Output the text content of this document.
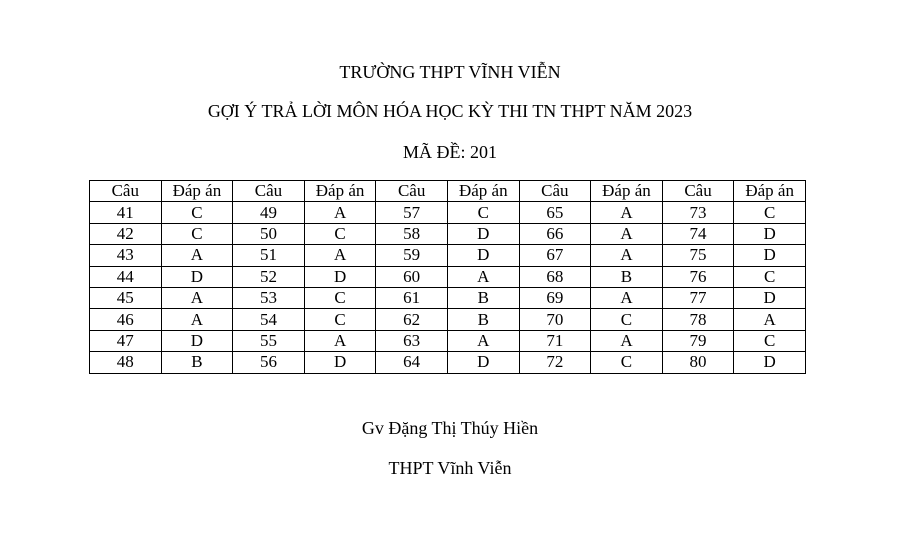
TRƯỜNG THPT VĨNH VIỄN
GỢI Ý TRẢ LỜI MÔN HÓA HỌC KỲ THI TN THPT NĂM 2023
MÃ ĐỀ: 201
Câu	Đáp án	Câu	Đáp án	Câu	Đáp án	Câu	Đáp án	Câu	Đáp án
41	C	49	A	57	C	65	A	73	C
42	C	50	C	58	D	66	A	74	D
43	A	51	A	59	D	67	A	75	D
44	D	52	D	60	A	68	B	76	C
45	A	53	C	61	B	69	A	77	D
46	A	54	C	62	B	70	C	78	A
47	D	55	A	63	A	71	A	79	C
48	B	56	D	64	D	72	C	80	D
Gv Đặng Thị Thúy Hiền
THPT Vĩnh Viễn
